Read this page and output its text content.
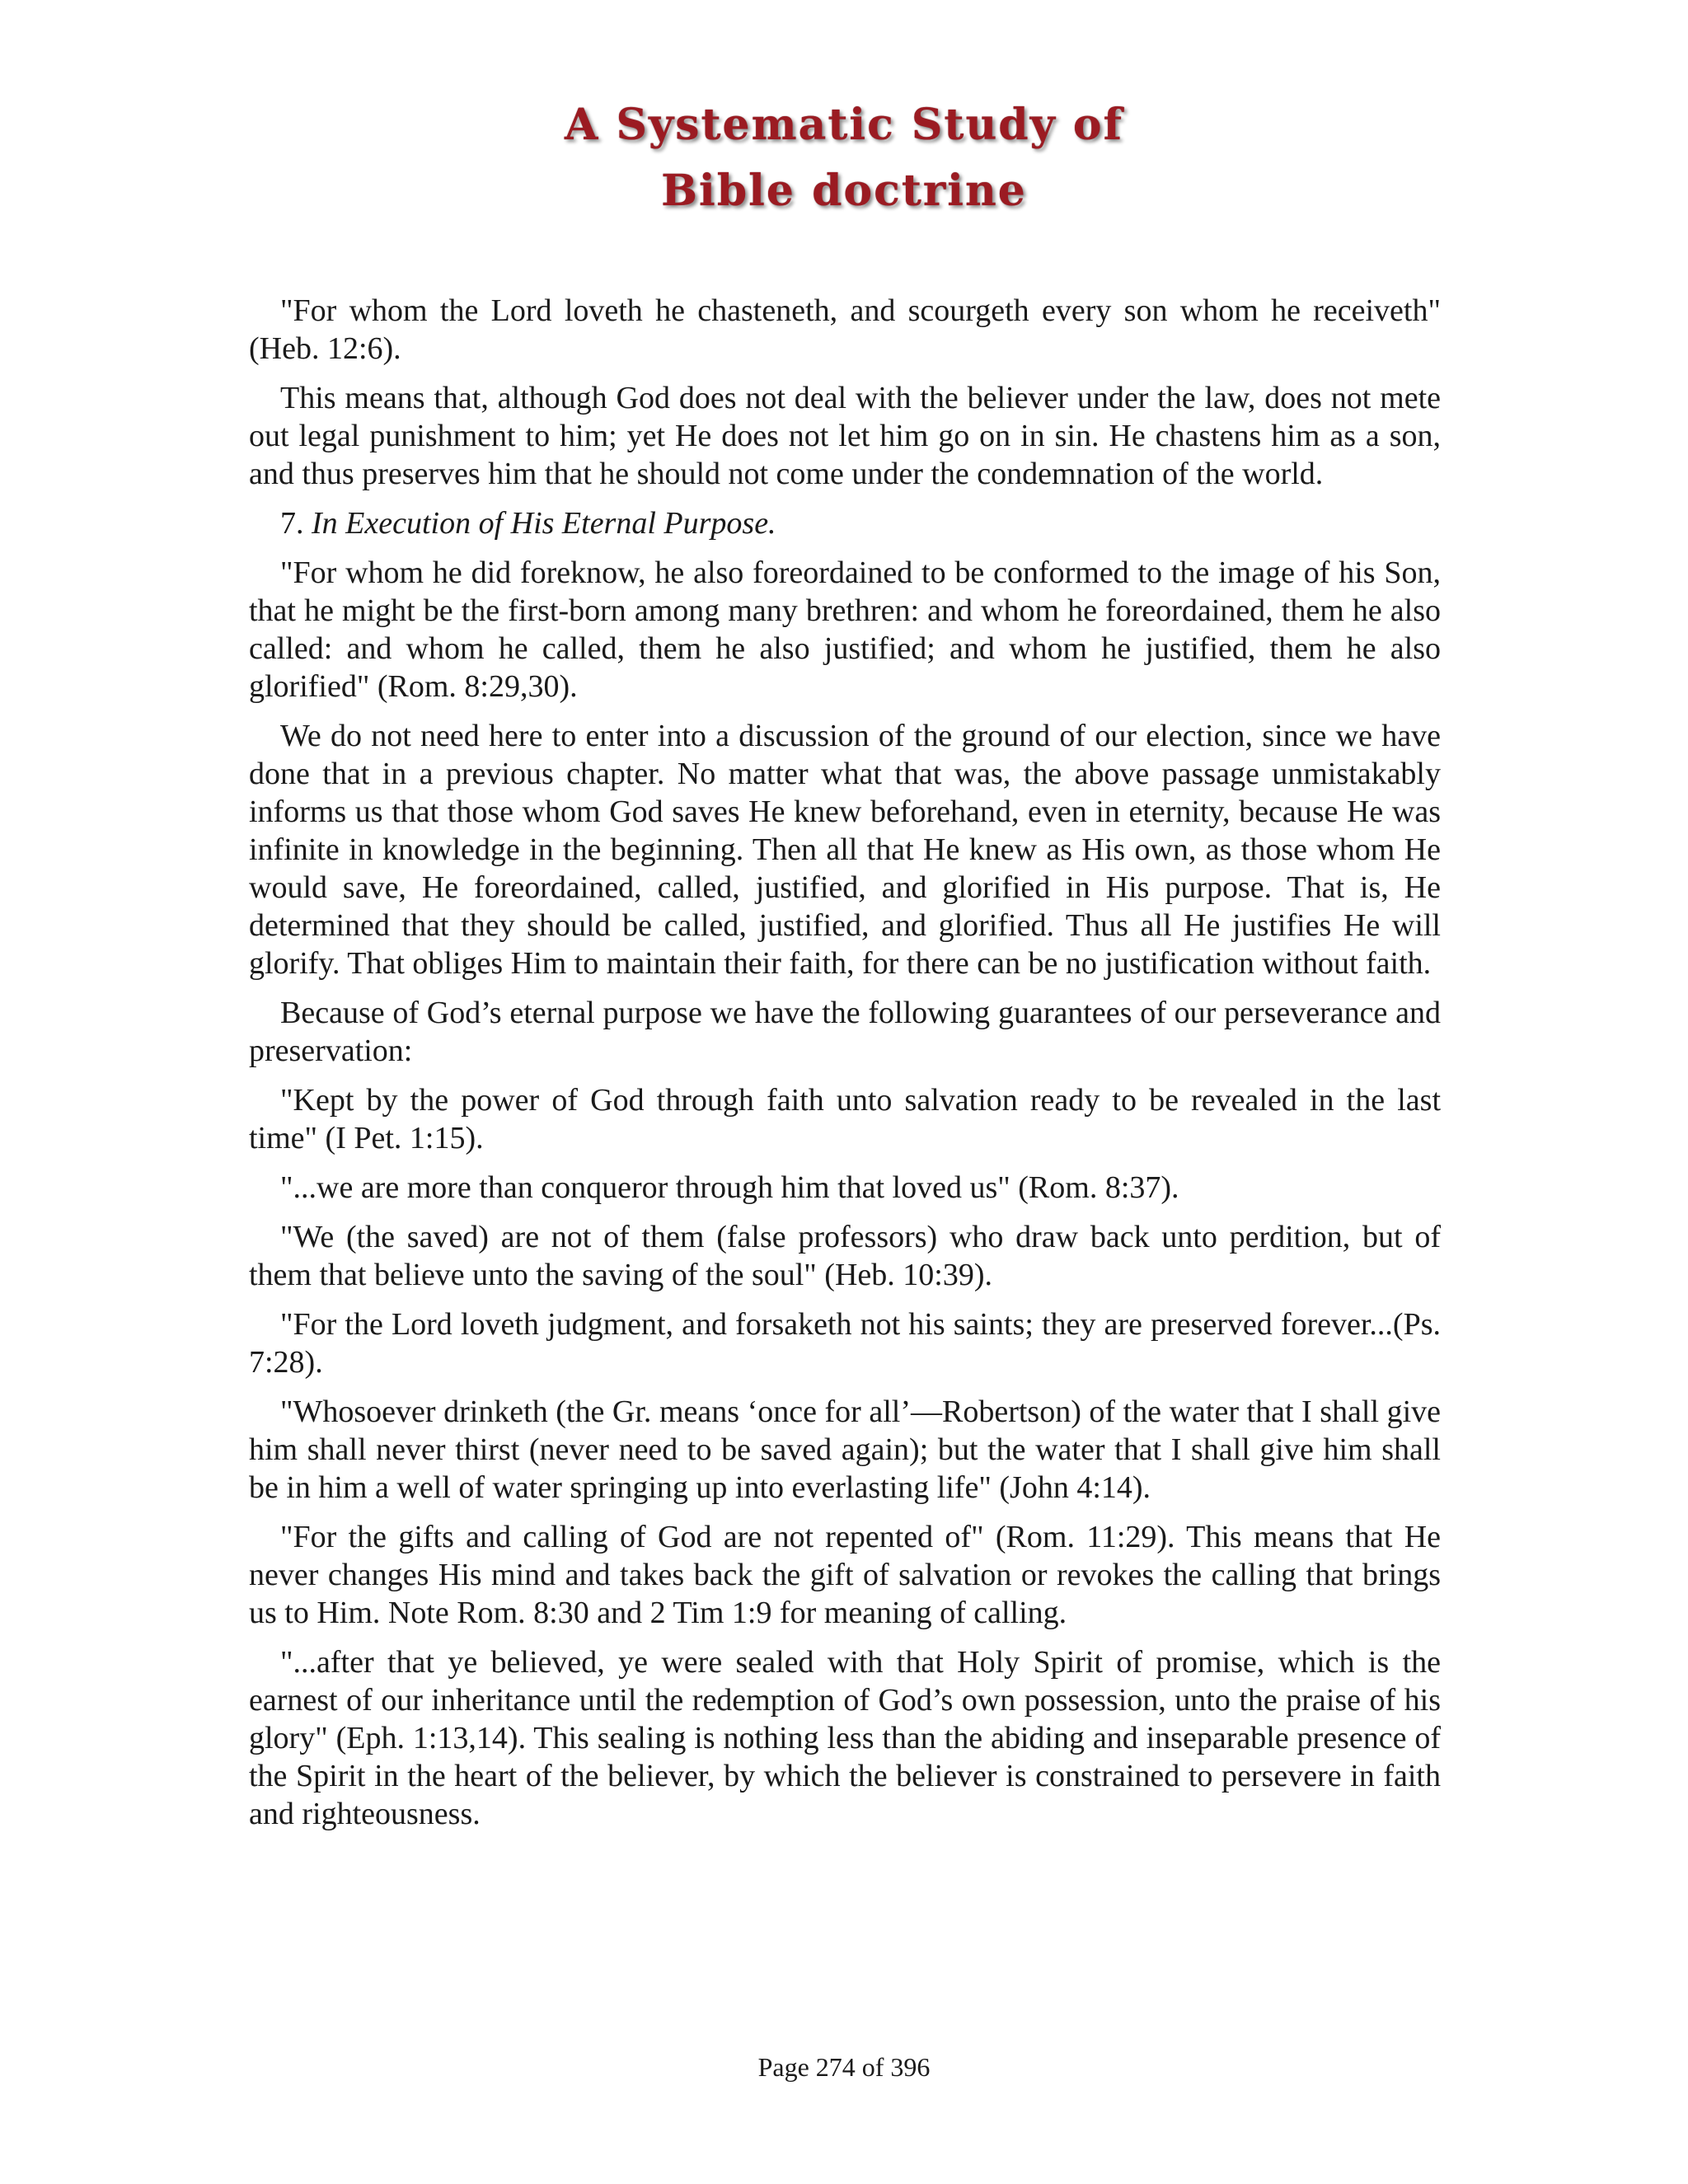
A Systematic Study of
Bible doctrine

"For whom the Lord loveth he chasteneth, and scourgeth every son whom he receiveth" (Heb. 12:6).

This means that, although God does not deal with the believer under the law, does not mete out legal punishment to him; yet He does not let him go on in sin. He chastens him as a son, and thus preserves him that he should not come under the condemnation of the world.

7. In Execution of His Eternal Purpose.

"For whom he did foreknow, he also foreordained to be conformed to the image of his Son, that he might be the first-born among many brethren: and whom he foreordained, them he also called: and whom he called, them he also justified; and whom he justified, them he also glorified" (Rom. 8:29,30).

We do not need here to enter into a discussion of the ground of our election, since we have done that in a previous chapter. No matter what that was, the above passage unmistakably informs us that those whom God saves He knew beforehand, even in eternity, because He was infinite in knowledge in the beginning. Then all that He knew as His own, as those whom He would save, He foreordained, called, justified, and glorified in His purpose. That is, He determined that they should be called, justified, and glorified. Thus all He justifies He will glorify. That obliges Him to maintain their faith, for there can be no justification without faith.

Because of God’s eternal purpose we have the following guarantees of our perseverance and preservation:

"Kept by the power of God through faith unto salvation ready to be revealed in the last time" (I Pet. 1:15).

"...we are more than conqueror through him that loved us" (Rom. 8:37).

"We (the saved) are not of them (false professors) who draw back unto perdition, but of them that believe unto the saving of the soul" (Heb. 10:39).

"For the Lord loveth judgment, and forsaketh not his saints; they are preserved forever...(Ps. 7:28).

"Whosoever drinketh (the Gr. means ‘once for all’—Robertson) of the water that I shall give him shall never thirst (never need to be saved again); but the water that I shall give him shall be in him a well of water springing up into everlasting life" (John 4:14).

"For the gifts and calling of God are not repented of" (Rom. 11:29). This means that He never changes His mind and takes back the gift of salvation or revokes the calling that brings us to Him. Note Rom. 8:30 and 2 Tim 1:9 for meaning of calling.

"...after that ye believed, ye were sealed with that Holy Spirit of promise, which is the earnest of our inheritance until the redemption of God’s own possession, unto the praise of his glory" (Eph. 1:13,14). This sealing is nothing less than the abiding and inseparable presence of the Spirit in the heart of the believer, by which the believer is constrained to persevere in faith and righteousness.

Page 274 of 396
